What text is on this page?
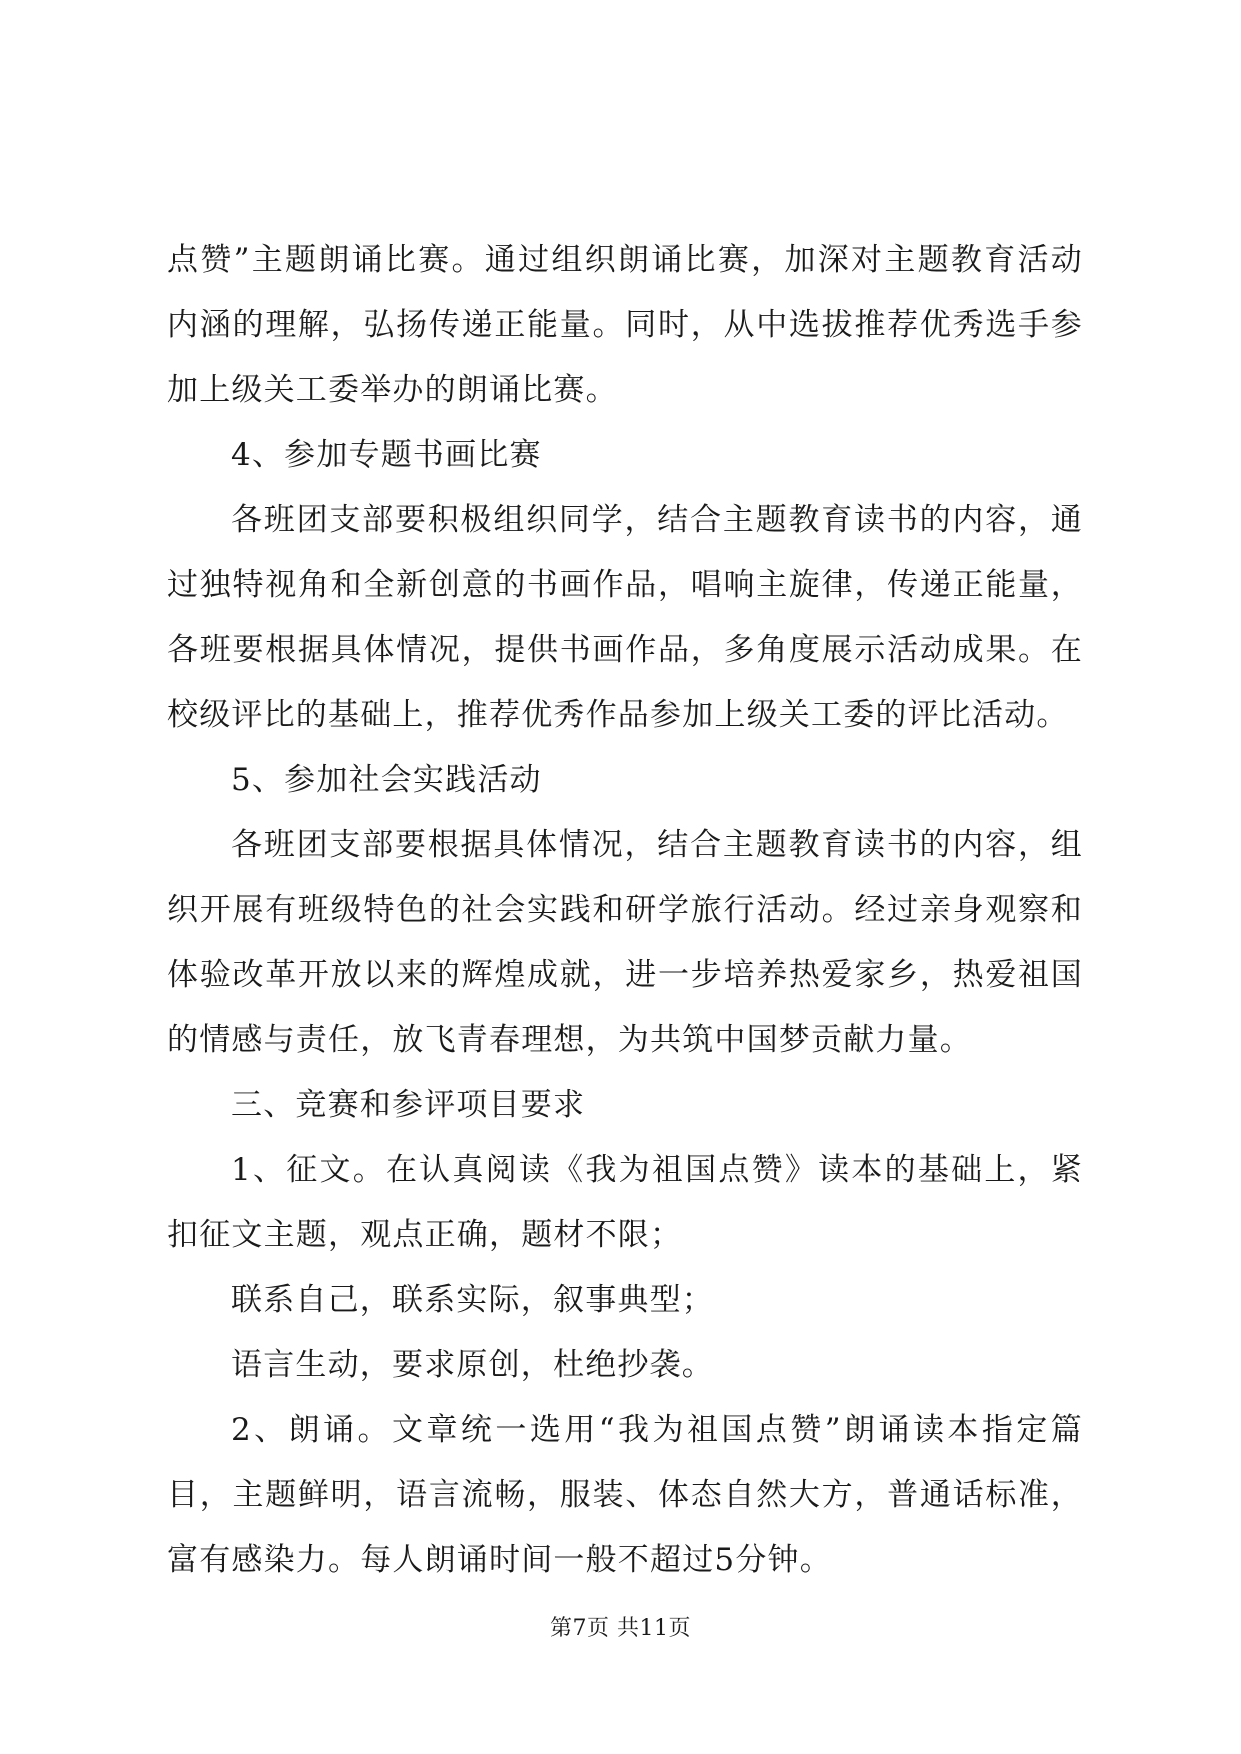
点赞”主题朗诵比赛。通过组织朗诵比赛，加深对主题教育活动内涵的理解，弘扬传递正能量。同时，从中选拔推荐优秀选手参加上级关工委举办的朗诵比赛。

4、参加专题书画比赛

各班团支部要积极组织同学，结合主题教育读书的内容，通过独特视角和全新创意的书画作品，唱响主旋律，传递正能量，各班要根据具体情况，提供书画作品，多角度展示活动成果。在校级评比的基础上，推荐优秀作品参加上级关工委的评比活动。

5、参加社会实践活动

各班团支部要根据具体情况，结合主题教育读书的内容，组织开展有班级特色的社会实践和研学旅行活动。经过亲身观察和体验改革开放以来的辉煌成就，进一步培养热爱家乡，热爱祖国的情感与责任，放飞青春理想，为共筑中国梦贡献力量。

三、竞赛和参评项目要求

1、征文。在认真阅读《我为祖国点赞》读本的基础上，紧扣征文主题，观点正确，题材不限；

联系自己，联系实际，叙事典型；

语言生动，要求原创，杜绝抄袭。

2、朗诵。文章统一选用“我为祖国点赞”朗诵读本指定篇目，主题鲜明，语言流畅，服装、体态自然大方，普通话标准，富有感染力。每人朗诵时间一般不超过5分钟。

第7页 共11页
